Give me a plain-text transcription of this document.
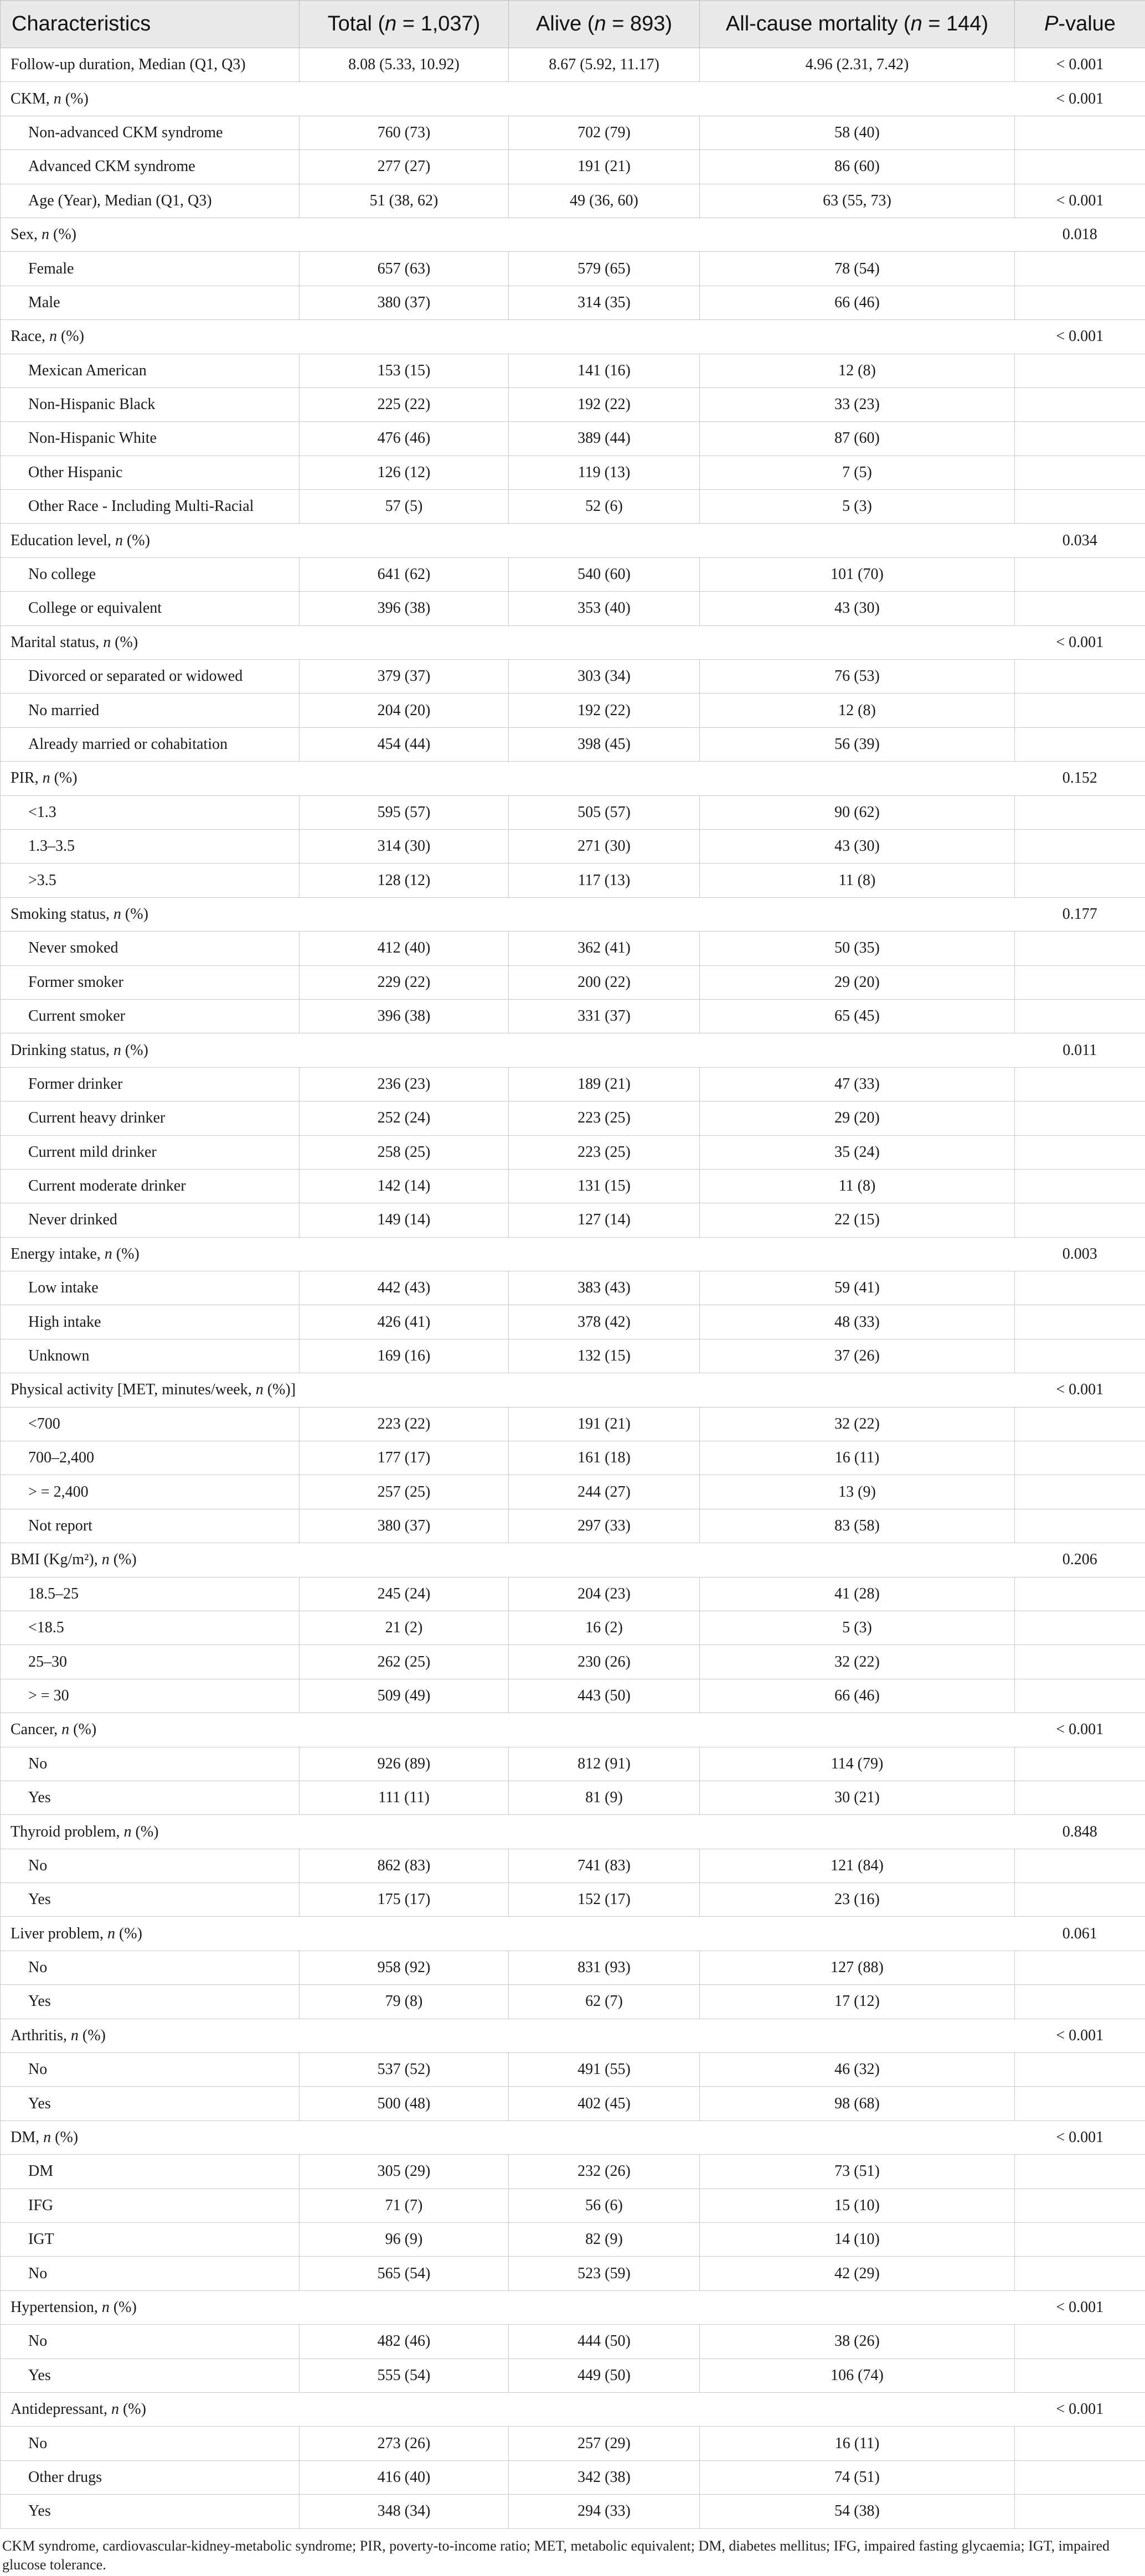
Characteristics	Total (n = 1,037)	Alive (n = 893)	All-cause mortality (n = 144)	P-value
Follow-up duration, Median (Q1, Q3)	8.08 (5.33, 10.92)	8.67 (5.92, 11.17)	4.96 (2.31, 7.42)	< 0.001
CKM, n (%)				< 0.001
Non-advanced CKM syndrome	760 (73)	702 (79)	58 (40)	
Advanced CKM syndrome	277 (27)	191 (21)	86 (60)	
Age (Year), Median (Q1, Q3)	51 (38, 62)	49 (36, 60)	63 (55, 73)	< 0.001
Sex, n (%)				0.018
Female	657 (63)	579 (65)	78 (54)	
Male	380 (37)	314 (35)	66 (46)	
Race, n (%)				< 0.001
Mexican American	153 (15)	141 (16)	12 (8)	
Non-Hispanic Black	225 (22)	192 (22)	33 (23)	
Non-Hispanic White	476 (46)	389 (44)	87 (60)	
Other Hispanic	126 (12)	119 (13)	7 (5)	
Other Race - Including Multi-Racial	57 (5)	52 (6)	5 (3)	
Education level, n (%)				0.034
No college	641 (62)	540 (60)	101 (70)	
College or equivalent	396 (38)	353 (40)	43 (30)	
Marital status, n (%)				< 0.001
Divorced or separated or widowed	379 (37)	303 (34)	76 (53)	
No married	204 (20)	192 (22)	12 (8)	
Already married or cohabitation	454 (44)	398 (45)	56 (39)	
PIR, n (%)				0.152
<1.3	595 (57)	505 (57)	90 (62)	
1.3–3.5	314 (30)	271 (30)	43 (30)	
>3.5	128 (12)	117 (13)	11 (8)	
Smoking status, n (%)				0.177
Never smoked	412 (40)	362 (41)	50 (35)	
Former smoker	229 (22)	200 (22)	29 (20)	
Current smoker	396 (38)	331 (37)	65 (45)	
Drinking status, n (%)				0.011
Former drinker	236 (23)	189 (21)	47 (33)	
Current heavy drinker	252 (24)	223 (25)	29 (20)	
Current mild drinker	258 (25)	223 (25)	35 (24)	
Current moderate drinker	142 (14)	131 (15)	11 (8)	
Never drinked	149 (14)	127 (14)	22 (15)	
Energy intake, n (%)				0.003
Low intake	442 (43)	383 (43)	59 (41)	
High intake	426 (41)	378 (42)	48 (33)	
Unknown	169 (16)	132 (15)	37 (26)	
Physical activity [MET, minutes/week, n (%)]				< 0.001
<700	223 (22)	191 (21)	32 (22)	
700–2,400	177 (17)	161 (18)	16 (11)	
> = 2,400	257 (25)	244 (27)	13 (9)	
Not report	380 (37)	297 (33)	83 (58)	
BMI (Kg/m²), n (%)				0.206
18.5–25	245 (24)	204 (23)	41 (28)	
<18.5	21 (2)	16 (2)	5 (3)	
25–30	262 (25)	230 (26)	32 (22)	
> = 30	509 (49)	443 (50)	66 (46)	
Cancer, n (%)				< 0.001
No	926 (89)	812 (91)	114 (79)	
Yes	111 (11)	81 (9)	30 (21)	
Thyroid problem, n (%)				0.848
No	862 (83)	741 (83)	121 (84)	
Yes	175 (17)	152 (17)	23 (16)	
Liver problem, n (%)				0.061
No	958 (92)	831 (93)	127 (88)	
Yes	79 (8)	62 (7)	17 (12)	
Arthritis, n (%)				< 0.001
No	537 (52)	491 (55)	46 (32)	
Yes	500 (48)	402 (45)	98 (68)	
DM, n (%)				< 0.001
DM	305 (29)	232 (26)	73 (51)	
IFG	71 (7)	56 (6)	15 (10)	
IGT	96 (9)	82 (9)	14 (10)	
No	565 (54)	523 (59)	42 (29)	
Hypertension, n (%)				< 0.001
No	482 (46)	444 (50)	38 (26)	
Yes	555 (54)	449 (50)	106 (74)	
Antidepressant, n (%)				< 0.001
No	273 (26)	257 (29)	16 (11)	
Other drugs	416 (40)	342 (38)	74 (51)	
Yes	348 (34)	294 (33)	54 (38)	
CKM syndrome, cardiovascular-kidney-metabolic syndrome; PIR, poverty-to-income ratio; MET, metabolic equivalent; DM, diabetes mellitus; IFG, impaired fasting glycaemia; IGT, impaired glucose tolerance.
